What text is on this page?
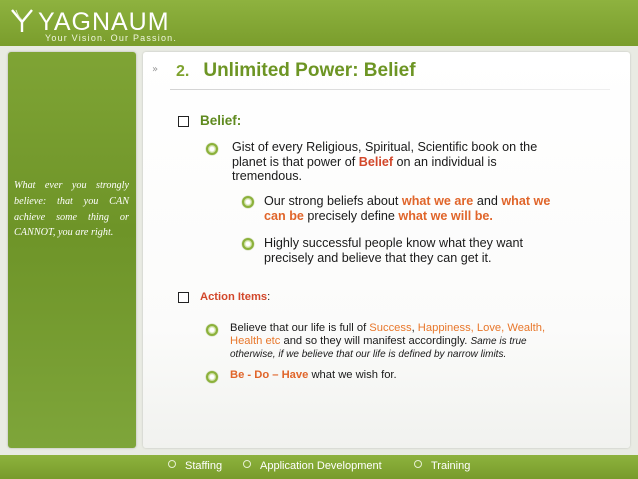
YAGNAUM
Your Vision. Our Passion.
What ever you strongly believe: that you CAN achieve some thing or CANNOT, you are right.
» 2. Unlimited Power: Belief
Belief:
Gist of every Religious, Spiritual, Scientific book on the
planet is that power of Belief on an individual is
tremendous.
Our strong beliefs about what we are and what we
can be precisely define what we will be.
Highly successful people know what they want
precisely and believe that they can get it.
Action Items:
Believe that our life is full of Success, Happiness, Love, Wealth,
Health etc and so they will manifest accordingly. Same is true
otherwise, if we believe that our life is defined by narrow limits.
Be - Do – Have what we wish for.
Staffing	Application Development	Training
